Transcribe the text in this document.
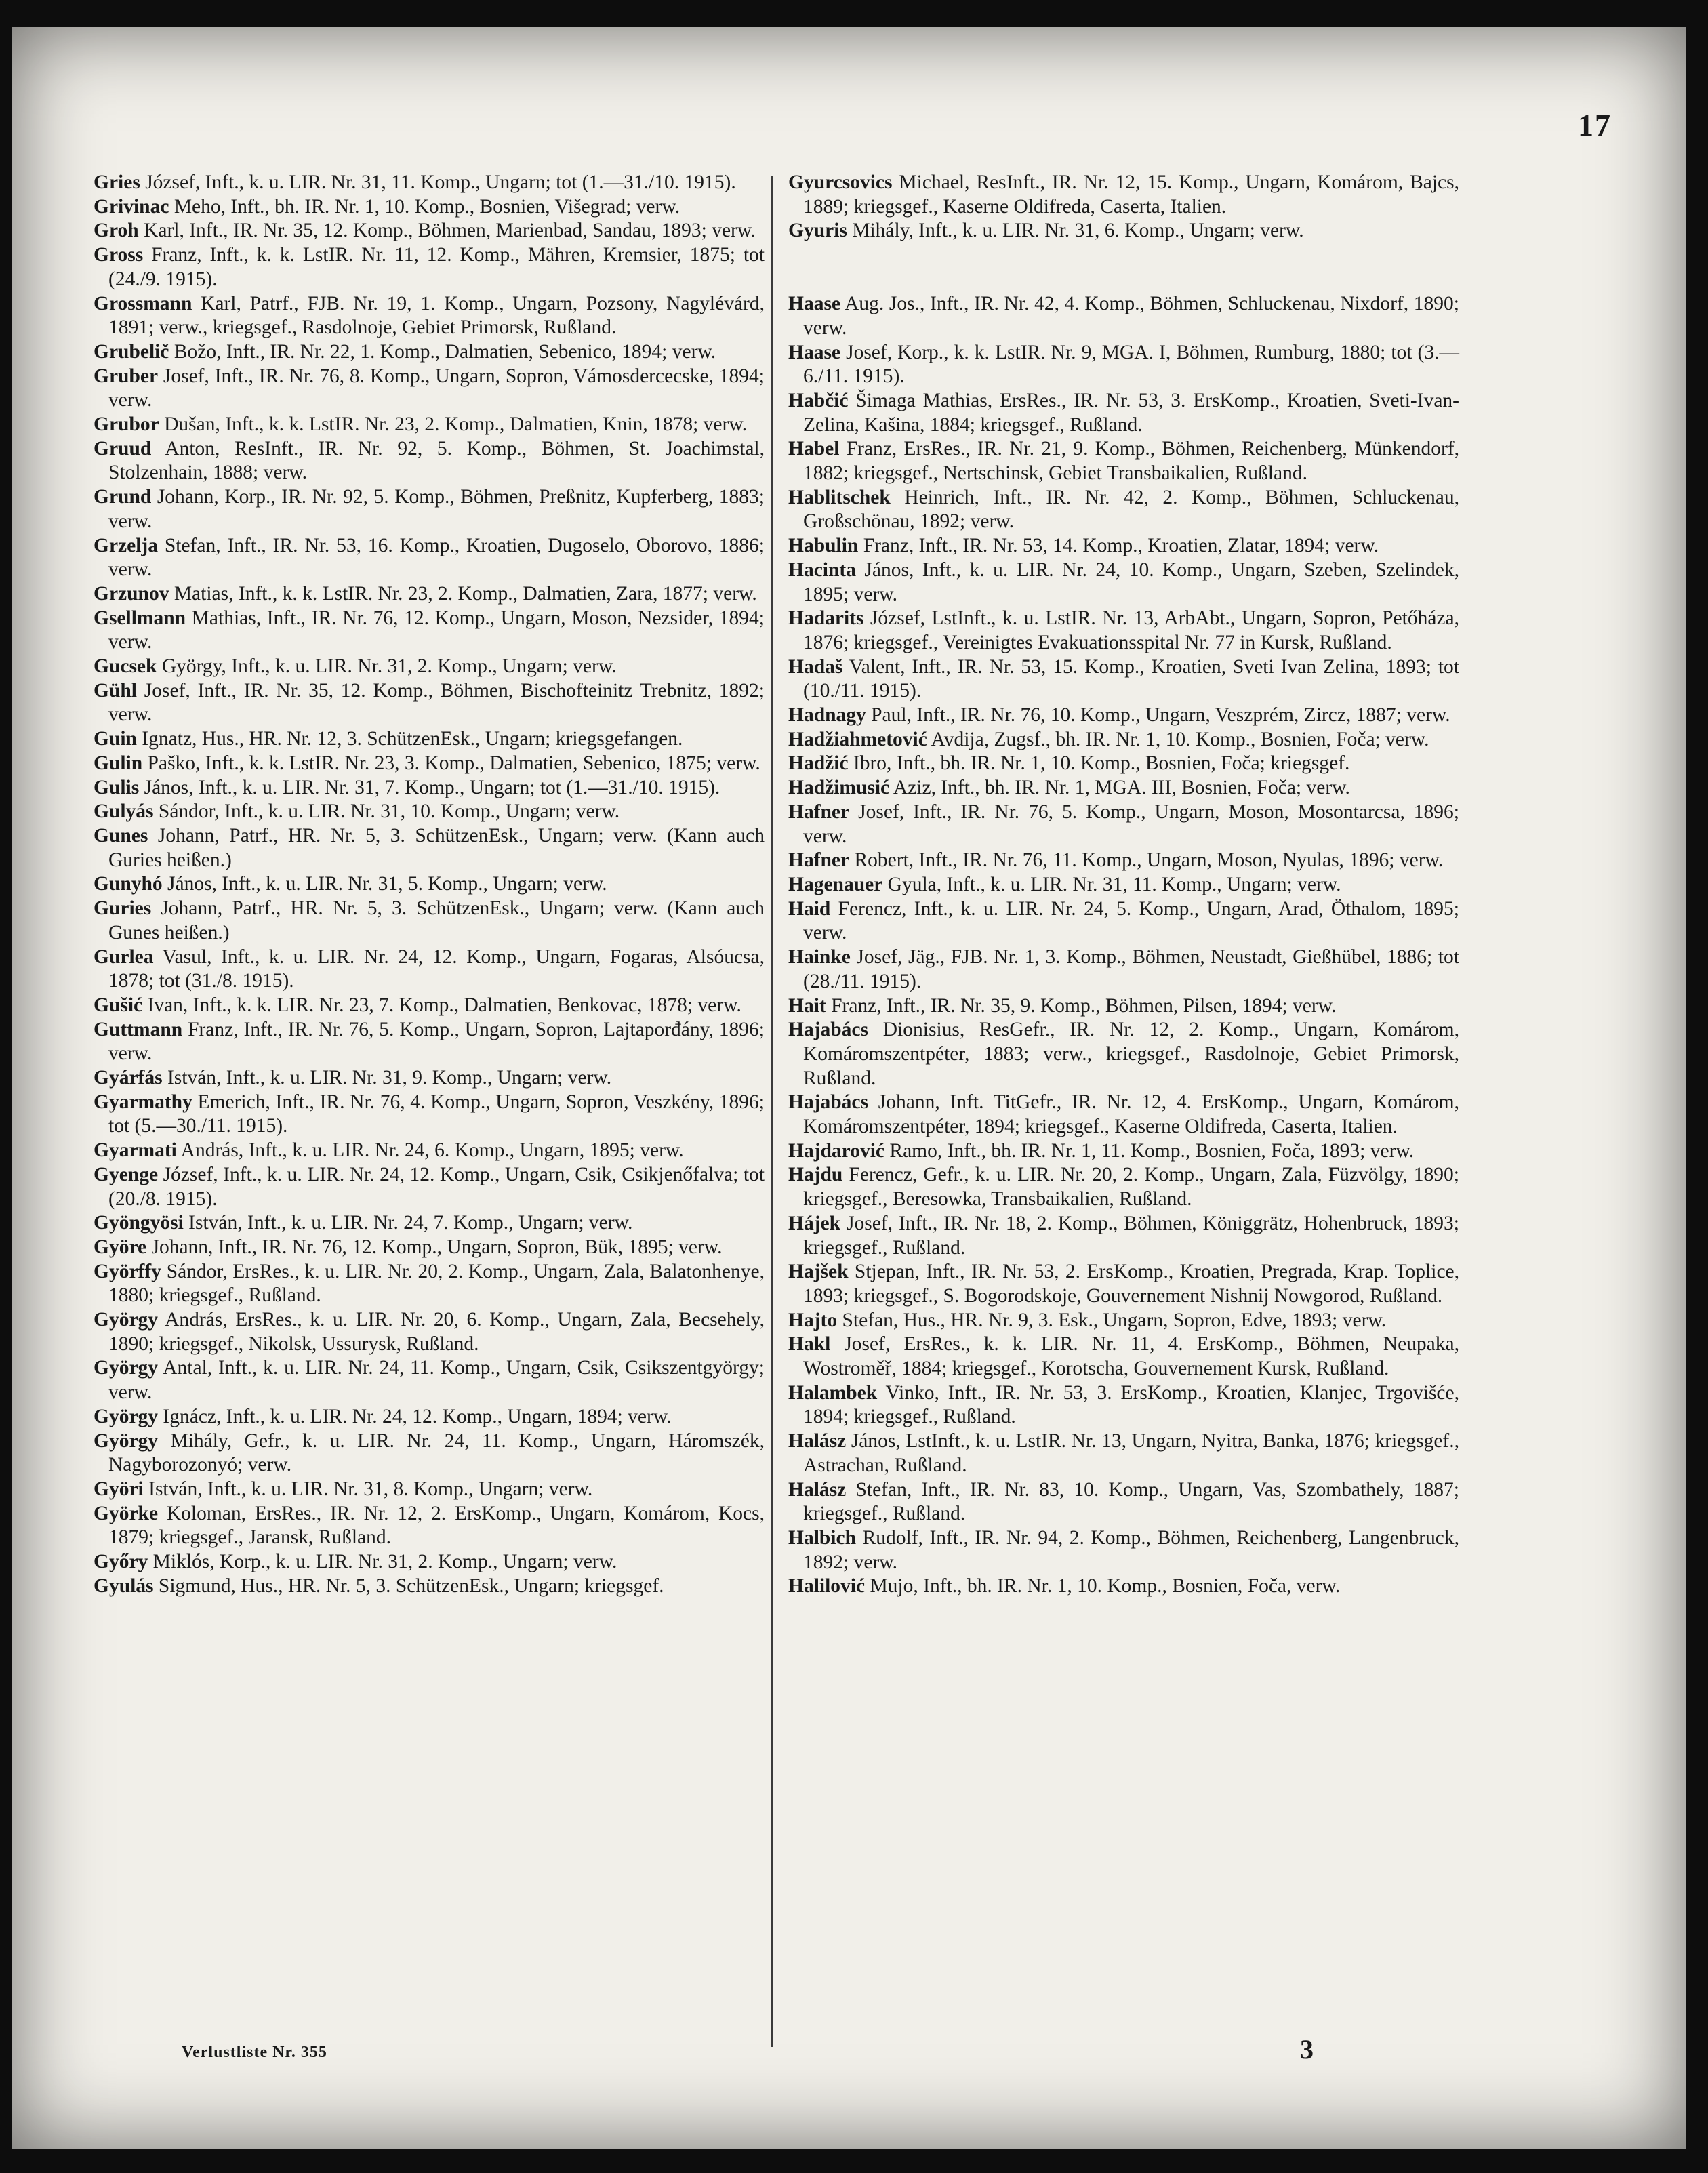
17

Gries József, Inft., k. u. LIR. Nr. 31, 11. Komp., Ungarn; tot (1.—31./10. 1915).

Grivinac Meho, Inft., bh. IR. Nr. 1, 10. Komp., Bosnien, Višegrad; verw.

Groh Karl, Inft., IR. Nr. 35, 12. Komp., Böhmen, Marienbad, Sandau, 1893; verw.

Gross Franz, Inft., k. k. LstIR. Nr. 11, 12. Komp., Mähren, Kremsier, 1875; tot (24./9. 1915).

Grossmann Karl, Patrf., FJB. Nr. 19, 1. Komp., Ungarn, Pozsony, Nagylévárd, 1891; verw., kriegsgef., Rasdolnoje, Gebiet Primorsk, Rußland.

Grubelič Božo, Inft., IR. Nr. 22, 1. Komp., Dalmatien, Sebenico, 1894; verw.

Gruber Josef, Inft., IR. Nr. 76, 8. Komp., Ungarn, Sopron, Vámosdercecske, 1894; verw.

Grubor Dušan, Inft., k. k. LstIR. Nr. 23, 2. Komp., Dalmatien, Knin, 1878; verw.

Gruud Anton, ResInft., IR. Nr. 92, 5. Komp., Böhmen, St. Joachimstal, Stolzenhain, 1888; verw.

Grund Johann, Korp., IR. Nr. 92, 5. Komp., Böhmen, Preßnitz, Kupferberg, 1883; verw.

Grzelja Stefan, Inft., IR. Nr. 53, 16. Komp., Kroatien, Dugoselo, Oborovo, 1886; verw.

Grzunov Matias, Inft., k. k. LstIR. Nr. 23, 2. Komp., Dalmatien, Zara, 1877; verw.

Gsellmann Mathias, Inft., IR. Nr. 76, 12. Komp., Ungarn, Moson, Nezsider, 1894; verw.

Gucsek György, Inft., k. u. LIR. Nr. 31, 2. Komp., Ungarn; verw.

Gühl Josef, Inft., IR. Nr. 35, 12. Komp., Böhmen, Bischofteinitz Trebnitz, 1892; verw.

Guin Ignatz, Hus., HR. Nr. 12, 3. SchützenEsk., Ungarn; kriegsgefangen.

Gulin Paško, Inft., k. k. LstIR. Nr. 23, 3. Komp., Dalmatien, Sebenico, 1875; verw.

Gulis János, Inft., k. u. LIR. Nr. 31, 7. Komp., Ungarn; tot (1.—31./10. 1915).

Gulyás Sándor, Inft., k. u. LIR. Nr. 31, 10. Komp., Ungarn; verw.

Gunes Johann, Patrf., HR. Nr. 5, 3. SchützenEsk., Ungarn; verw. (Kann auch Guries heißen.)

Gunyhó János, Inft., k. u. LIR. Nr. 31, 5. Komp., Ungarn; verw.

Guries Johann, Patrf., HR. Nr. 5, 3. SchützenEsk., Ungarn; verw. (Kann auch Gunes heißen.)

Gurlea Vasul, Inft., k. u. LIR. Nr. 24, 12. Komp., Ungarn, Fogaras, Alsóucsa, 1878; tot (31./8. 1915).

Gušić Ivan, Inft., k. k. LIR. Nr. 23, 7. Komp., Dalmatien, Benkovac, 1878; verw.

Guttmann Franz, Inft., IR. Nr. 76, 5. Komp., Ungarn, Sopron, Lajtaporđány, 1896; verw.

Gyárfás István, Inft., k. u. LIR. Nr. 31, 9. Komp., Ungarn; verw.

Gyarmathy Emerich, Inft., IR. Nr. 76, 4. Komp., Ungarn, Sopron, Veszkény, 1896; tot (5.—30./11. 1915).

Gyarmati András, Inft., k. u. LIR. Nr. 24, 6. Komp., Ungarn, 1895; verw.

Gyenge József, Inft., k. u. LIR. Nr. 24, 12. Komp., Ungarn, Csik, Csikjenőfalva; tot (20./8. 1915).

Gyöngyösi István, Inft., k. u. LIR. Nr. 24, 7. Komp., Ungarn; verw.

Györe Johann, Inft., IR. Nr. 76, 12. Komp., Ungarn, Sopron, Bük, 1895; verw.

Györffy Sándor, ErsRes., k. u. LIR. Nr. 20, 2. Komp., Ungarn, Zala, Balatonhenye, 1880; kriegsgef., Rußland.

György András, ErsRes., k. u. LIR. Nr. 20, 6. Komp., Ungarn, Zala, Becsehely, 1890; kriegsgef., Nikolsk, Ussurysk, Rußland.

György Antal, Inft., k. u. LIR. Nr. 24, 11. Komp., Ungarn, Csik, Csikszentgyörgy; verw.

György Ignácz, Inft., k. u. LIR. Nr. 24, 12. Komp., Ungarn, 1894; verw.

György Mihály, Gefr., k. u. LIR. Nr. 24, 11. Komp., Ungarn, Háromszék, Nagyborozonyó; verw.

Györi István, Inft., k. u. LIR. Nr. 31, 8. Komp., Ungarn; verw.

Györke Koloman, ErsRes., IR. Nr. 12, 2. ErsKomp., Ungarn, Komárom, Kocs, 1879; kriegsgef., Jaransk, Rußland.

Győry Miklós, Korp., k. u. LIR. Nr. 31, 2. Komp., Ungarn; verw.

Gyulás Sigmund, Hus., HR. Nr. 5, 3. SchützenEsk., Ungarn; kriegsgef.

Gyurcsovics Michael, ResInft., IR. Nr. 12, 15. Komp., Ungarn, Komárom, Bajcs, 1889; kriegsgef., Kaserne Oldifreda, Caserta, Italien.

Gyuris Mihály, Inft., k. u. LIR. Nr. 31, 6. Komp., Ungarn; verw.

Haase Aug. Jos., Inft., IR. Nr. 42, 4. Komp., Böhmen, Schluckenau, Nixdorf, 1890; verw.

Haase Josef, Korp., k. k. LstIR. Nr. 9, MGA. I, Böhmen, Rumburg, 1880; tot (3.—6./11. 1915).

Habčić Šimaga Mathias, ErsRes., IR. Nr. 53, 3. ErsKomp., Kroatien, Sveti-Ivan-Zelina, Kašina, 1884; kriegsgef., Rußland.

Habel Franz, ErsRes., IR. Nr. 21, 9. Komp., Böhmen, Reichenberg, Münkendorf, 1882; kriegsgef., Nertschinsk, Gebiet Transbaikalien, Rußland.

Hablitschek Heinrich, Inft., IR. Nr. 42, 2. Komp., Böhmen, Schluckenau, Großschönau, 1892; verw.

Habulin Franz, Inft., IR. Nr. 53, 14. Komp., Kroatien, Zlatar, 1894; verw.

Hacinta János, Inft., k. u. LIR. Nr. 24, 10. Komp., Ungarn, Szeben, Szelindek, 1895; verw.

Hadarits József, LstInft., k. u. LstIR. Nr. 13, ArbAbt., Ungarn, Sopron, Petőháza, 1876; kriegsgef., Vereinigtes Evakuationsspital Nr. 77 in Kursk, Rußland.

Hadaš Valent, Inft., IR. Nr. 53, 15. Komp., Kroatien, Sveti Ivan Zelina, 1893; tot (10./11. 1915).

Hadnagy Paul, Inft., IR. Nr. 76, 10. Komp., Ungarn, Veszprém, Zircz, 1887; verw.

Hadžiahmetović Avdija, Zugsf., bh. IR. Nr. 1, 10. Komp., Bosnien, Foča; verw.

Hadžić Ibro, Inft., bh. IR. Nr. 1, 10. Komp., Bosnien, Foča; kriegsgef.

Hadžimusić Aziz, Inft., bh. IR. Nr. 1, MGA. III, Bosnien, Foča; verw.

Hafner Josef, Inft., IR. Nr. 76, 5. Komp., Ungarn, Moson, Mosontarcsa, 1896; verw.

Hafner Robert, Inft., IR. Nr. 76, 11. Komp., Ungarn, Moson, Nyulas, 1896; verw.

Hagenauer Gyula, Inft., k. u. LIR. Nr. 31, 11. Komp., Ungarn; verw.

Haid Ferencz, Inft., k. u. LIR. Nr. 24, 5. Komp., Ungarn, Arad, Öthalom, 1895; verw.

Hainke Josef, Jäg., FJB. Nr. 1, 3. Komp., Böhmen, Neustadt, Gießhübel, 1886; tot (28./11. 1915).

Hait Franz, Inft., IR. Nr. 35, 9. Komp., Böhmen, Pilsen, 1894; verw.

Hajabács Dionisius, ResGefr., IR. Nr. 12, 2. Komp., Ungarn, Komárom, Komáromszentpéter, 1883; verw., kriegsgef., Rasdolnoje, Gebiet Primorsk, Rußland.

Hajabács Johann, Inft. TitGefr., IR. Nr. 12, 4. ErsKomp., Ungarn, Komárom, Komáromszentpéter, 1894; kriegsgef., Kaserne Oldifreda, Caserta, Italien.

Hajdarović Ramo, Inft., bh. IR. Nr. 1, 11. Komp., Bosnien, Foča, 1893; verw.

Hajdu Ferencz, Gefr., k. u. LIR. Nr. 20, 2. Komp., Ungarn, Zala, Füzvölgy, 1890; kriegsgef., Beresowka, Transbaikalien, Rußland.

Hájek Josef, Inft., IR. Nr. 18, 2. Komp., Böhmen, Königgrätz, Hohenbruck, 1893; kriegsgef., Rußland.

Hajšek Stjepan, Inft., IR. Nr. 53, 2. ErsKomp., Kroatien, Pregrada, Krap. Toplice, 1893; kriegsgef., S. Bogorodskoje, Gouvernement Nishnij Nowgorod, Rußland.

Hajto Stefan, Hus., HR. Nr. 9, 3. Esk., Ungarn, Sopron, Edve, 1893; verw.

Hakl Josef, ErsRes., k. k. LIR. Nr. 11, 4. ErsKomp., Böhmen, Neupaka, Wostroměř, 1884; kriegsgef., Korotscha, Gouvernement Kursk, Rußland.

Halambek Vinko, Inft., IR. Nr. 53, 3. ErsKomp., Kroatien, Klanjec, Trgovišće, 1894; kriegsgef., Rußland.

Halász János, LstInft., k. u. LstIR. Nr. 13, Ungarn, Nyitra, Banka, 1876; kriegsgef., Astrachan, Rußland.

Halász Stefan, Inft., IR. Nr. 83, 10. Komp., Ungarn, Vas, Szombathely, 1887; kriegsgef., Rußland.

Halbich Rudolf, Inft., IR. Nr. 94, 2. Komp., Böhmen, Reichenberg, Langenbruck, 1892; verw.

Halilović Mujo, Inft., bh. IR. Nr. 1, 10. Komp., Bosnien, Foča, verw.

Verlustliste Nr. 355	3
